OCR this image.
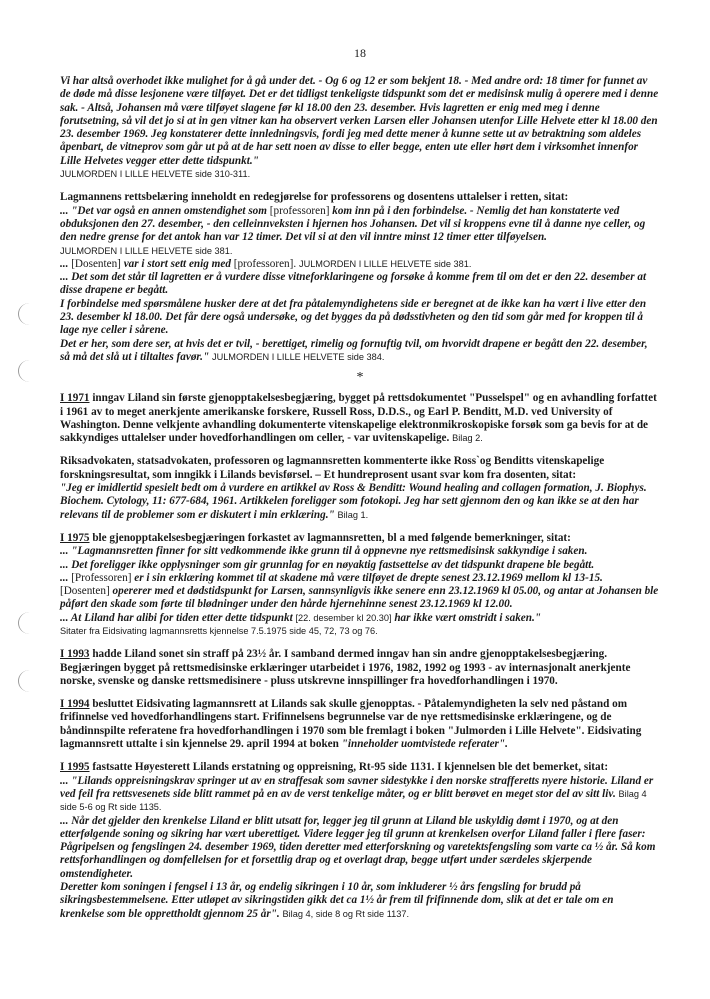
18

Vi har altså overhodet ikke mulighet for å gå under det. - Og 6 og 12 er som bekjent 18. - Med andre ord: 18 timer for funnet av de døde må disse lesjonene være tilføyet. Det er det tidligst tenkeligste tidspunkt som det er medisinsk mulig å operere med i denne sak. - Altså, Johansen må være tilføyet slagene før kl 18.00 den 23. desember. Hvis lagretten er enig med meg i denne forutsetning, så vil det jo si at in gen vitner kan ha observert verken Larsen eller Johansen utenfor Lille Helvete etter kl 18.00 den 23. desember 1969. Jeg konstaterer dette innledningsvis, fordi jeg med dette mener å kunne sette ut av betraktning som aldeles åpenbart, de vitneprov som går ut på at de har sett noen av disse to eller begge, enten ute eller hørt dem i virksomhet innenfor Lille Helvetes vegger etter dette tidspunkt."
JULMORDEN I LILLE HELVETE side 310-311.

Lagmannens rettsbelæring inneholdt en redegjørelse for professorens og dosentens uttalelser i retten, sitat:
... "Det var også en annen omstendighet som [professoren] kom inn på i den forbindelse. - Nemlig det han konstaterte ved obduksjonen den 27. desember, - den celleinnveksten i hjernen hos Johansen. Det vil si kroppens evne til å danne nye celler, og den nedre grense for det antok han var 12 timer. Det vil si at den vil inntre minst 12 timer etter tilføyelsen.
JULMORDEN I LILLE HELVETE side 381.
... [Dosenten] var i stort sett enig med [professoren]. JULMORDEN I LILLE HELVETE side 381.
... Det som det står til lagretten er å vurdere disse vitneforklaringene og forsøke å komme frem til om det er den 22. desember at disse drapene er begått.
I forbindelse med spørsmålene husker dere at det fra påtalemyndighetens side er beregnet at de ikke kan ha vært i live etter den 23. desember kl 18.00. Det får dere også undersøke, og det bygges da på dødsstivheten og den tid som går med for kroppen til å lage nye celler i sårene.
Det er her, som dere ser, at hvis det er tvil, - berettiget, rimelig og fornuftig tvil, om hvorvidt drapene er begått den 22. desember, så må det slå ut i tiltaltes favør." JULMORDEN I LILLE HELVETE side 384.

*

I 1971 inngav Liland sin første gjenopptakelsesbegjæring, bygget på rettsdokumentet "Pusselspel" og en avhandling forfattet i 1961 av to meget anerkjente amerikanske forskere, Russell Ross, D.D.S., og Earl P. Benditt, M.D. ved University of Washington. Denne velkjente avhandling dokumenterte vitenskapelige elektronmikroskopiske forsøk som ga bevis for at de sakkyndiges uttalelser under hovedforhandlingen om celler, - var uvitenskapelige. Bilag 2.

Riksadvokaten, statsadvokaten, professoren og lagmannsretten kommenterte ikke Ross`og Benditts vitenskapelige forskningsresultat, som inngikk i Lilands bevisførsel. – Et hundreprosent usant svar kom fra dosenten, sitat:
"Jeg er imidlertid spesielt bedt om å vurdere en artikkel av Ross & Benditt: Wound healing and collagen formation, J. Biophys. Biochem. Cytology, 11: 677-684, 1961. Artikkelen foreligger som fotokopi. Jeg har sett gjennom den og kan ikke se at den har relevans til de problemer som er diskutert i min erklæring." Bilag 1.

I 1975 ble gjenopptakelsesbegjæringen forkastet av lagmannsretten, bl a med følgende bemerkninger, sitat:
... "Lagmannsretten finner for sitt vedkommende ikke grunn til å oppnevne nye rettsmedisinsk sakkyndige i saken.
... Det foreligger ikke opplysninger som gir grunnlag for en nøyaktig fastsettelse av det tidspunkt drapene ble begått.
... [Professoren] er i sin erklæring kommet til at skadene må være tilføyet de drepte senest 23.12.1969 mellom kl 13-15.
[Dosenten] opererer med et dødstidspunkt for Larsen, sannsynligvis ikke senere enn 23.12.1969 kl 05.00, og antar at Johansen ble påført den skade som førte til blødninger under den hårde hjernehinne senest 23.12.1969 kl 12.00.
... At Liland har alibi for tiden etter dette tidspunkt [22. desember kl 20.30] har ikke vært omstridt i saken."
Sitater fra Eidsivating lagmannsretts kjennelse 7.5.1975 side 45, 72, 73 og 76.

I 1993 hadde Liland sonet sin straff på 23½ år. I samband dermed inngav han sin andre gjenopptakelsesbegjæring. Begjæringen bygget på rettsmedisinske erklæringer utarbeidet i 1976, 1982, 1992 og 1993 - av internasjonalt anerkjente norske, svenske og danske rettsmedisinere - pluss utskrevne innspillinger fra hovedforhandlingen i 1970.

I 1994 besluttet Eidsivating lagmannsrett at Lilands sak skulle gjenopptas. - Påtalemyndigheten la selv ned påstand om frifinnelse ved hovedforhandlingens start. Frifinnelsens begrunnelse var de nye rettsmedisinske erklæringene, og de båndinnspilte referatene fra hovedforhandlingen i 1970 som ble fremlagt i boken "Julmorden i Lille Helvete". Eidsivating lagmannsrett uttalte i sin kjennelse 29. april 1994 at boken "inneholder uomtvistede referater".

I 1995 fastsatte Høyesterett Lilands erstatning og oppreisning, Rt-95 side 1131. I kjennelsen ble det bemerket, sitat:
... "Lilands oppreisningskrav springer ut av en straffesak som savner sidestykke i den norske strafferetts nyere historie. Liland er ved feil fra rettsvesenets side blitt rammet på en av de verst tenkelige måter, og er blitt berøvet en meget stor del av sitt liv. Bilag 4 side 5-6 og Rt side 1135.
... Når det gjelder den krenkelse Liland er blitt utsatt for, legger jeg til grunn at Liland ble uskyldig dømt i 1970, og at den etterfølgende soning og sikring har vært uberettiget. Videre legger jeg til grunn at krenkelsen overfor Liland faller i flere faser: Pågripelsen og fengslingen 24. desember 1969, tiden deretter med etterforskning og varetektsfengsling som varte ca ½ år. Så kom rettsforhandlingen og domfellelsen for et forsettlig drap og et overlagt drap, begge utført under særdeles skjerpende omstendigheter.
Deretter kom soningen i fengsel i 13 år, og endelig sikringen i 10 år, som inkluderer ½ års fengsling for brudd på sikringsbestemmelsene. Etter utløpet av sikringstiden gikk det ca 1½ år frem til frifinnende dom, slik at det er tale om en krenkelse som ble opprettholdt gjennom 25 år". Bilag 4, side 8 og Rt side 1137.
